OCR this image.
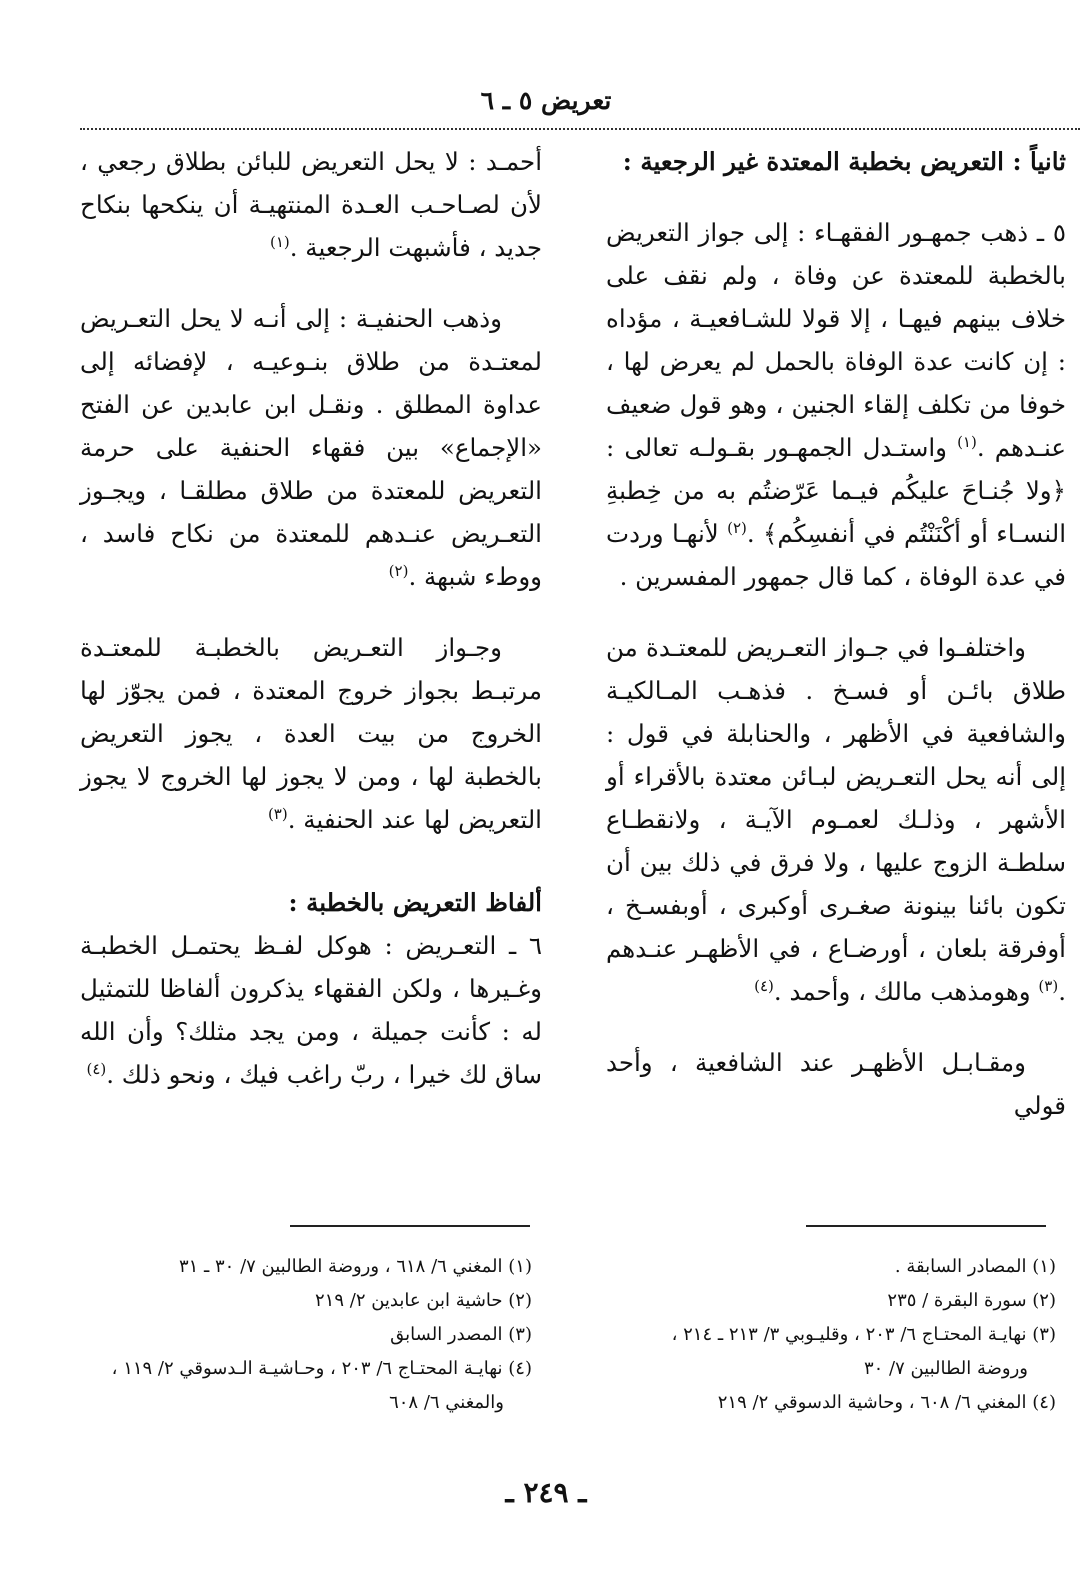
تعريض ٥ ـ ٦

ثانياً : التعريض بخطبة المعتدة غير الرجعية :

٥ ـ ذهب جمهـور الفقهـاء : إلى جواز التعريض بالخطبة للمعتدة عن وفاة ، ولم نقف على خلاف بينهم فيهـا ، إلا قولا للشـافعيـة ، مؤداه : إن كانت عدة الوفاة بالحمل لم يعرض لها ، خوفا من تكلف إلقاء الجنين ، وهو قول ضعيف عنـدهم .$^{(١)}$ واستـدل الجمهـور بقـولـه تعالى : ﴿ولا جُنـاحَ عليكُم فيـما عَرّضتُم به من خِطبةِ النسـاء أو أكْنَنْتُم في أنفسِكُم﴾ .$^{(٢)}$ لأنهـا وردت في عدة الوفاة ، كما قال جمهور المفسرين .

واختلفـوا في جـواز التعـريض للمعتـدة من طلاق بائـن أو فسـخ . فذهـب المـالكيـة والشافعية في الأظهر ، والحنابلة في قول : إلى أنه يحل التعـريض لبـائن معتدة بالأقراء أو الأشهر ، وذلـك لعمـوم الآيـة ، ولانقطـاع سلطـة الزوج عليها ، ولا فرق في ذلك بين أن تكون بائنا بينونة صغـرى أوكبرى ، أوبفسـخ ، أوفرقة بلعان ، أورضـاع ، في الأظهـر عنـدهم .$^{(٣)}$ وهومذهب مالك ، وأحمد .$^{(٤)}$

ومقـابـل الأظهـر عند الشافعية ، وأحد قولي

أحمـد : لا يحل التعريض للبائن بطلاق رجعي ، لأن لصـاحـب العـدة المنتهيـة أن ينكحها بنكاح جديد ، فأشبهت الرجعية .$^{(١)}$

وذهب الحنفيـة : إلى أنـه لا يحل التعـريض لمعتـدة من طلاق بنـوعيـه ، لإفضائه إلى عداوة المطلق . ونقـل ابن عابدين عن الفتح «الإجماع» بين فقهاء الحنفية على حرمة التعريض للمعتدة من طلاق مطلقـا ، ويجـوز التعـريض عنـدهم للمعتدة من نكاح فاسد ، ووطء شبهة .$^{(٢)}$

وجـواز التعـريض بالخطبـة للمعتـدة مرتبـط بجواز خروج المعتدة ، فمن يجوّز لها الخروج من بيت العدة ، يجوز التعريض بالخطبة لها ، ومن لا يجوز لها الخروج لا يجوز التعريض لها عند الحنفية .$^{(٣)}$

ألفاظ التعريض بالخطبة :

٦ ـ التعـريض : هوكل لفـظ يحتمـل الخطبـة وغـيرها ، ولكن الفقهاء يذكرون ألفاظا للتمثيل له : كأنت جميلة ، ومن يجد مثلك؟ وأن الله ساق لك خيرا ، ربّ راغب فيك ، ونحو ذلك .$^{(٤)}$

(١) المصادر السابقة .
(٢) سورة البقرة / ٢٣٥
(٣) نهايـة المحتـاج ٦/ ٢٠٣ ، وقليـوبي ٣/ ٢١٣ ـ ٢١٤ ،
وروضة الطالبين ٧/ ٣٠
(٤) المغني ٦/ ٦٠٨ ، وحاشية الدسوقي ٢/ ٢١٩
(١) المغني ٦/ ٦١٨ ، وروضة الطالبين ٧/ ٣٠ ـ ٣١
(٢) حاشية ابن عابدين ٢/ ٢١٩
(٣) المصدر السابق
(٤) نهايـة المحتـاج ٦/ ٢٠٣ ، وحـاشيـة الـدسوقي ٢/ ١١٩ ،
والمغني ٦/ ٦٠٨
ـ ٢٤٩ ـ
